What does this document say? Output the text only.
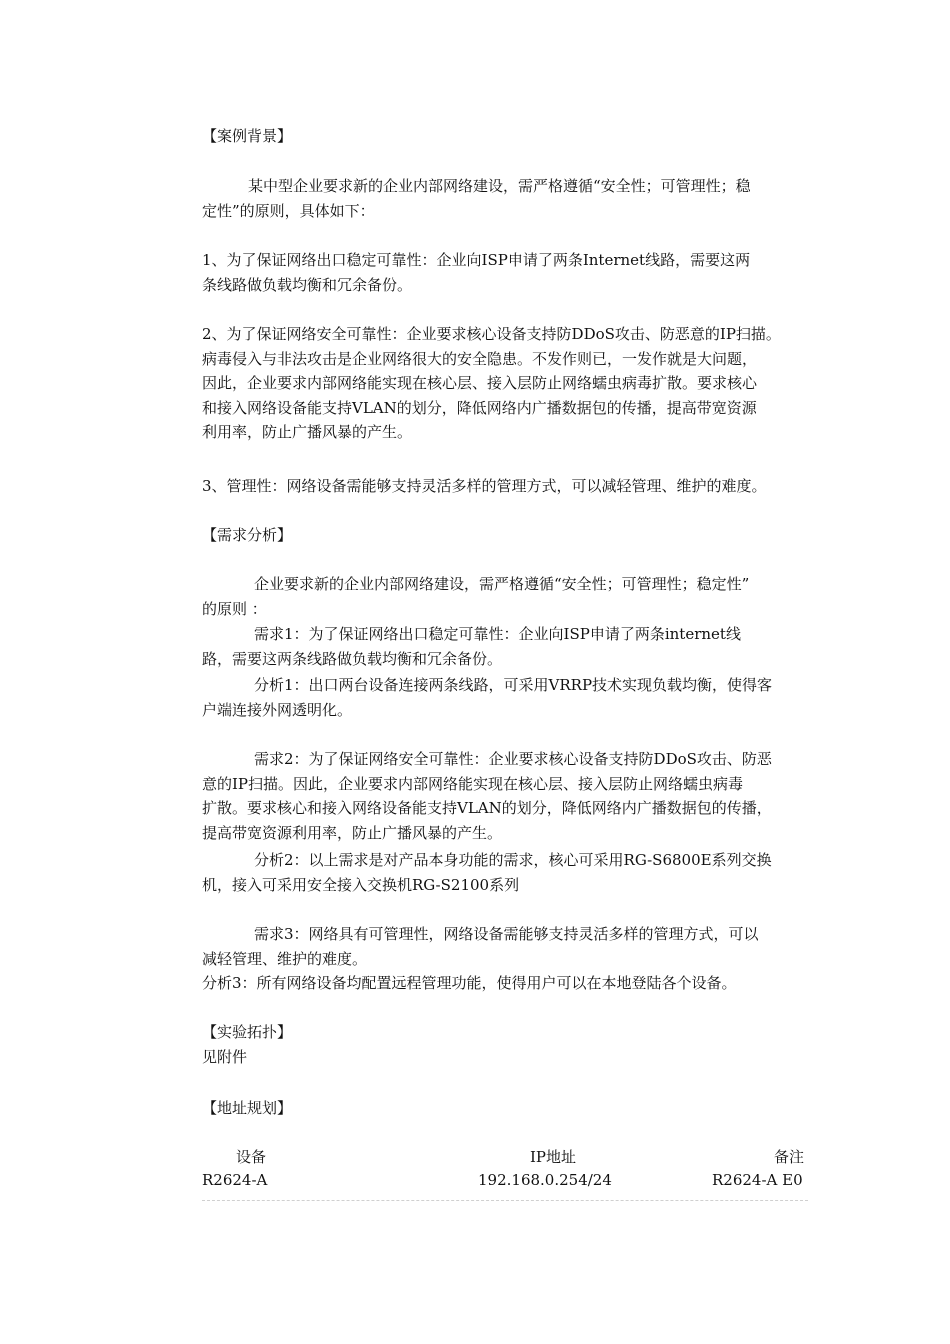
【案例背景】
某中型企业要求新的企业内部网络建设，需严格遵循“安全性；可管理性；稳
定性”的原则，具体如下：
1、为了保证网络出口稳定可靠性：企业向ISP申请了两条Internet线路，需要这两
条线路做负载均衡和冗余备份。
2、为了保证网络安全可靠性：企业要求核心设备支持防DDoS攻击、防恶意的IP扫描。
病毒侵入与非法攻击是企业网络很大的安全隐患。不发作则已，一发作就是大问题，
因此，企业要求内部网络能实现在核心层、接入层防止网络蠕虫病毒扩散。要求核心
和接入网络设备能支持VLAN的划分，降低网络内广播数据包的传播，提高带宽资源
利用率，防止广播风暴的产生。
3、管理性：网络设备需能够支持灵活多样的管理方式，可以减轻管理、维护的难度。
【需求分析】
企业要求新的企业内部网络建设，需严格遵循“安全性；可管理性；稳定性”
的原则 ：
需求1：为了保证网络出口稳定可靠性：企业向ISP申请了两条internet线
路，需要这两条线路做负载均衡和冗余备份。
分析1：出口两台设备连接两条线路，可采用VRRP技术实现负载均衡，使得客
户端连接外网透明化。
需求2：为了保证网络安全可靠性：企业要求核心设备支持防DDoS攻击、防恶
意的IP扫描。因此，企业要求内部网络能实现在核心层、接入层防止网络蠕虫病毒
扩散。要求核心和接入网络设备能支持VLAN的划分，降低网络内广播数据包的传播，
提高带宽资源利用率，防止广播风暴的产生。
分析2：以上需求是对产品本身功能的需求，核心可采用RG-S6800E系列交换
机，接入可采用安全接入交换机RG-S2100系列
需求3：网络具有可管理性，网络设备需能够支持灵活多样的管理方式，可以
减轻管理、维护的难度。
分析3：所有网络设备均配置远程管理功能，使得用户可以在本地登陆各个设备。
【实验拓扑】
见附件
【地址规划】
设备	IP地址	备注
R2624-A	192.168.0.254/24	R2624-A E0
